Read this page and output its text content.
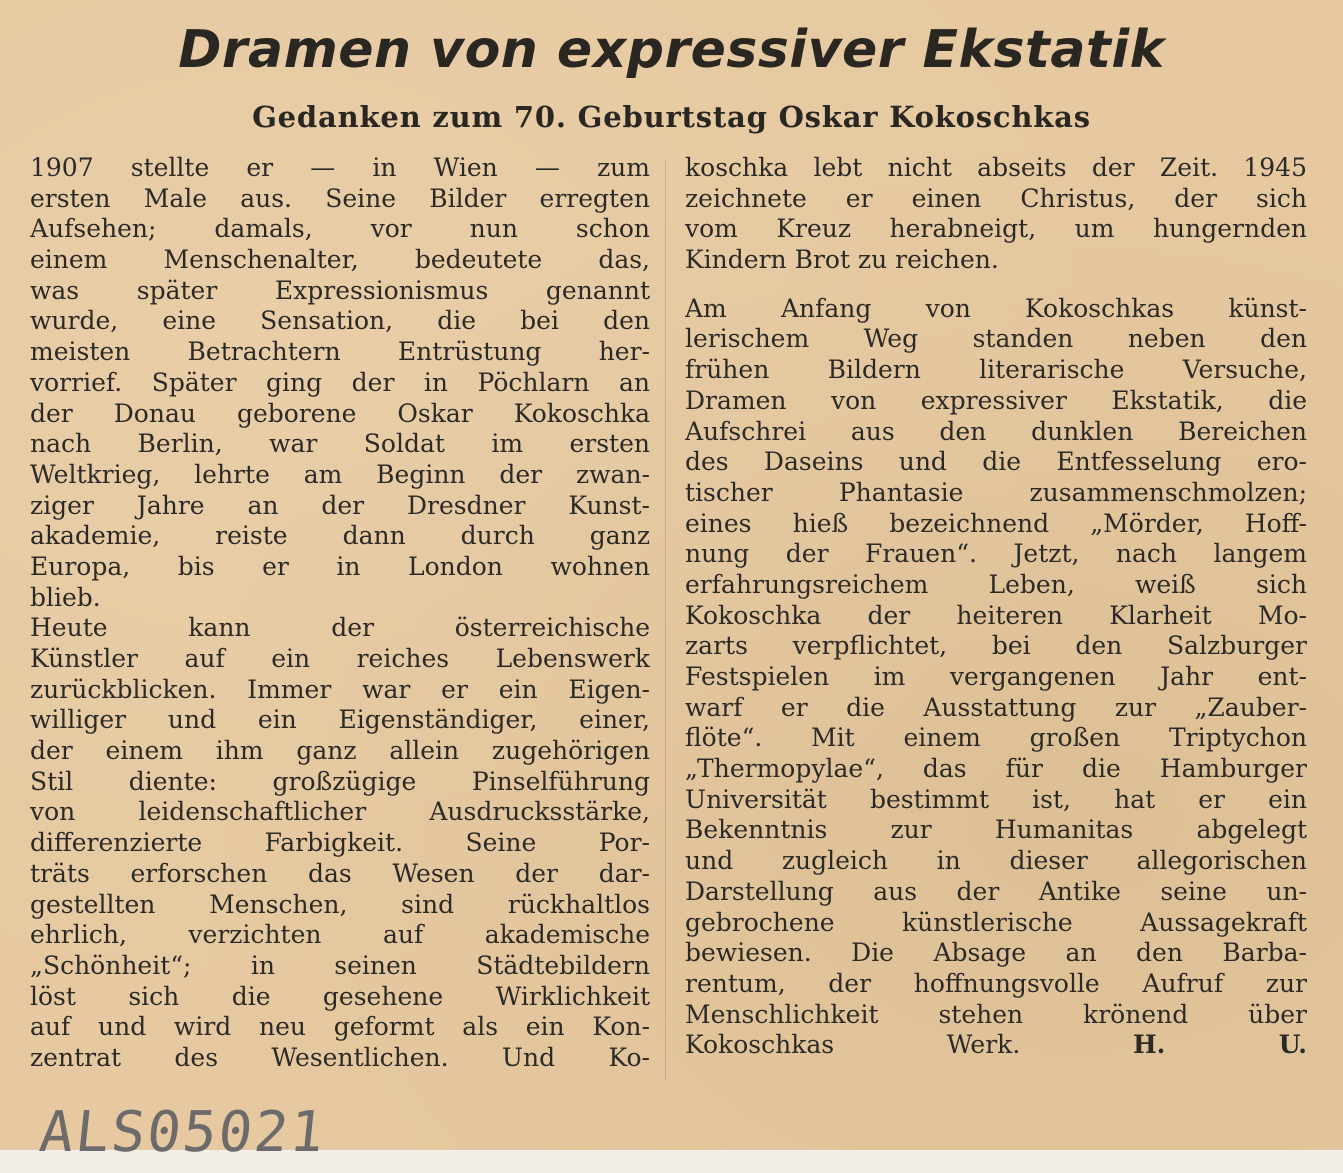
Dramen von expressiver Ekstatik
Gedanken zum 70. Geburtstag Oskar Kokoschkas
1907 stellte er — in Wien — zum
ersten Male aus. Seine Bilder erregten
Aufsehen; damals, vor nun schon
einem Menschenalter, bedeutete das,
was später Expressionismus genannt
wurde, eine Sensation, die bei den
meisten Betrachtern Entrüstung her-
vorrief. Später ging der in Pöchlarn an
der Donau geborene Oskar Kokoschka
nach Berlin, war Soldat im ersten
Weltkrieg, lehrte am Beginn der zwan-
ziger Jahre an der Dresdner Kunst-
akademie, reiste dann durch ganz
Europa, bis er in London wohnen
blieb.
Heute kann der österreichische
Künstler auf ein reiches Lebenswerk
zurückblicken. Immer war er ein Eigen-
williger und ein Eigenständiger, einer,
der einem ihm ganz allein zugehörigen
Stil diente: großzügige Pinselführung
von leidenschaftlicher Ausdrucksstärke,
differenzierte Farbigkeit. Seine Por-
träts erforschen das Wesen der dar-
gestellten Menschen, sind rückhaltlos
ehrlich, verzichten auf akademische
„Schönheit“; in seinen Städtebildern
löst sich die gesehene Wirklichkeit
auf und wird neu geformt als ein Kon-
zentrat des Wesentlichen. Und Ko-
koschka lebt nicht abseits der Zeit. 1945
zeichnete er einen Christus, der sich
vom Kreuz herabneigt, um hungernden
Kindern Brot zu reichen.
Am Anfang von Kokoschkas künst-
lerischem Weg standen neben den
frühen Bildern literarische Versuche,
Dramen von expressiver Ekstatik, die
Aufschrei aus den dunklen Bereichen
des Daseins und die Entfesselung ero-
tischer Phantasie zusammenschmolzen;
eines hieß bezeichnend „Mörder, Hoff-
nung der Frauen“. Jetzt, nach langem
erfahrungsreichem Leben, weiß sich
Kokoschka der heiteren Klarheit Mo-
zarts verpflichtet, bei den Salzburger
Festspielen im vergangenen Jahr ent-
warf er die Ausstattung zur „Zauber-
flöte“. Mit einem großen Triptychon
„Thermopylae“, das für die Hamburger
Universität bestimmt ist, hat er ein
Bekenntnis zur Humanitas abgelegt
und zugleich in dieser allegorischen
Darstellung aus der Antike seine un-
gebrochene künstlerische Aussagekraft
bewiesen. Die Absage an den Barba-
rentum, der hoffnungsvolle Aufruf zur
Menschlichkeit stehen krönend über
Kokoschkas Werk.	H. U.
ALS05021
